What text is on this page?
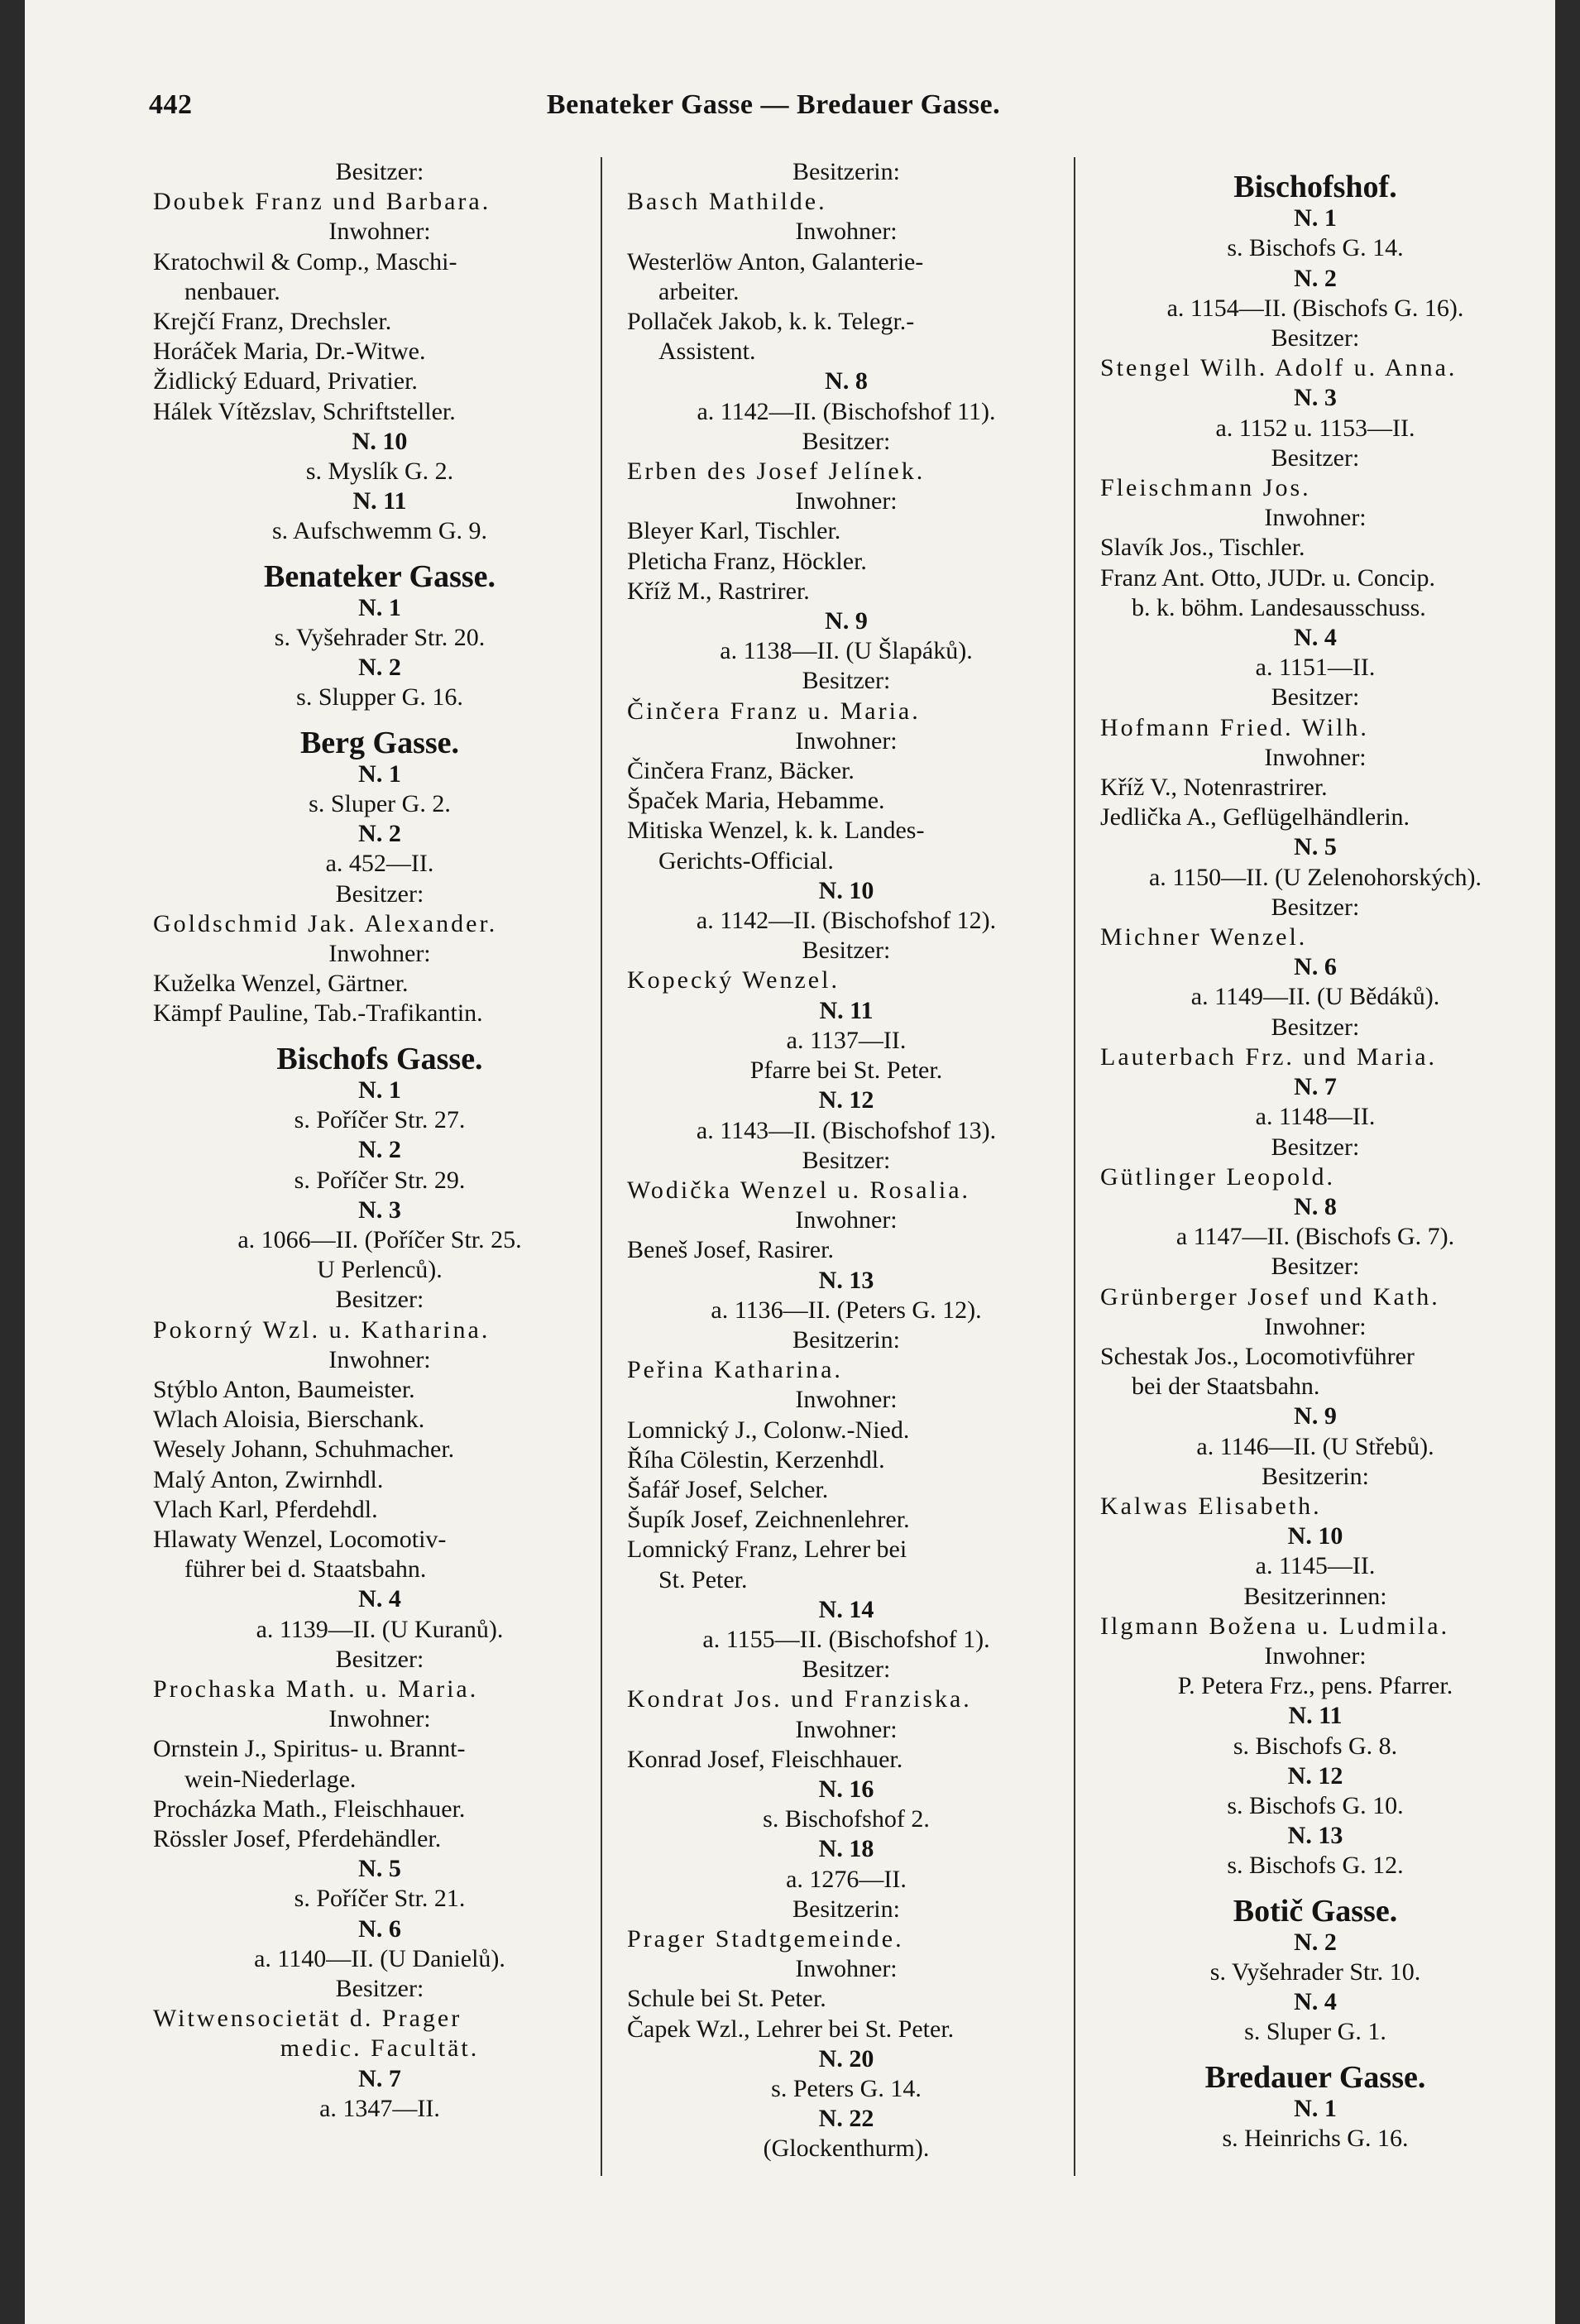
442	Benateker Gasse — Bredauer Gasse.
Besitzer:
Doubek Franz und Barbara.
Inwohner:
Kratochwil & Comp., Maschi-
nenbauer.
Krejčí Franz, Drechsler.
Horáček Maria, Dr.-Witwe.
Židlický Eduard, Privatier.
Hálek Vítězslav, Schriftsteller.
N. 10
s. Myslík G. 2.
N. 11
s. Aufschwemm G. 9.
Benateker Gasse.
N. 1
s. Vyšehrader Str. 20.
N. 2
s. Slupper G. 16.
Berg Gasse.
N. 1
s. Sluper G. 2.
N. 2
a. 452—II.
Besitzer:
Goldschmid Jak. Alexander.
Inwohner:
Kuželka Wenzel, Gärtner.
Kämpf Pauline, Tab.-Trafikantin.
Bischofs Gasse.
N. 1
s. Poříčer Str. 27.
N. 2
s. Poříčer Str. 29.
N. 3
a. 1066—II. (Poříčer Str. 25.
U Perlenců).
Besitzer:
Pokorný Wzl. u. Katharina.
Inwohner:
Stýblo Anton, Baumeister.
Wlach Aloisia, Bierschank.
Wesely Johann, Schuhmacher.
Malý Anton, Zwirnhdl.
Vlach Karl, Pferdehdl.
Hlawaty Wenzel, Locomotiv-
führer bei d. Staatsbahn.
N. 4
a. 1139—II. (U Kuranů).
Besitzer:
Prochaska Math. u. Maria.
Inwohner:
Ornstein J., Spiritus- u. Brannt-
wein-Niederlage.
Procházka Math., Fleischhauer.
Rössler Josef, Pferdehändler.
N. 5
s. Poříčer Str. 21.
N. 6
a. 1140—II. (U Danielů).
Besitzer:
Witwensocietät d. Prager
medic. Facultät.
N. 7
a. 1347—II.
Besitzerin:
Basch Mathilde.
Inwohner:
Westerlöw Anton, Galanterie-
arbeiter.
Pollaček Jakob, k. k. Telegr.-
Assistent.
N. 8
a. 1142—II. (Bischofshof 11).
Besitzer:
Erben des Josef Jelínek.
Inwohner:
Bleyer Karl, Tischler.
Pleticha Franz, Höckler.
Kříž M., Rastrirer.
N. 9
a. 1138—II. (U Šlapáků).
Besitzer:
Činčera Franz u. Maria.
Inwohner:
Činčera Franz, Bäcker.
Špaček Maria, Hebamme.
Mitiska Wenzel, k. k. Landes-
Gerichts-Official.
N. 10
a. 1142—II. (Bischofshof 12).
Besitzer:
Kopecký Wenzel.
N. 11
a. 1137—II.
Pfarre bei St. Peter.
N. 12
a. 1143—II. (Bischofshof 13).
Besitzer:
Wodička Wenzel u. Rosalia.
Inwohner:
Beneš Josef, Rasirer.
N. 13
a. 1136—II. (Peters G. 12).
Besitzerin:
Peřina Katharina.
Inwohner:
Lomnický J., Colonw.-Nied.
Říha Cölestin, Kerzenhdl.
Šafář Josef, Selcher.
Šupík Josef, Zeichnenlehrer.
Lomnický Franz, Lehrer bei
St. Peter.
N. 14
a. 1155—II. (Bischofshof 1).
Besitzer:
Kondrat Jos. und Franziska.
Inwohner:
Konrad Josef, Fleischhauer.
N. 16
s. Bischofshof 2.
N. 18
a. 1276—II.
Besitzerin:
Prager Stadtgemeinde.
Inwohner:
Schule bei St. Peter.
Čapek Wzl., Lehrer bei St. Peter.
N. 20
s. Peters G. 14.
N. 22
(Glockenthurm).
Bischofshof.
N. 1
s. Bischofs G. 14.
N. 2
a. 1154—II. (Bischofs G. 16).
Besitzer:
Stengel Wilh. Adolf u. Anna.
N. 3
a. 1152 u. 1153—II.
Besitzer:
Fleischmann Jos.
Inwohner:
Slavík Jos., Tischler.
Franz Ant. Otto, JUDr. u. Concip.
b. k. böhm. Landesausschuss.
N. 4
a. 1151—II.
Besitzer:
Hofmann Fried. Wilh.
Inwohner:
Kříž V., Notenrastrirer.
Jedlička A., Geflügelhändlerin.
N. 5
a. 1150—II. (U Zelenohorských).
Besitzer:
Michner Wenzel.
N. 6
a. 1149—II. (U Bědáků).
Besitzer:
Lauterbach Frz. und Maria.
N. 7
a. 1148—II.
Besitzer:
Gütlinger Leopold.
N. 8
a 1147—II. (Bischofs G. 7).
Besitzer:
Grünberger Josef und Kath.
Inwohner:
Schestak Jos., Locomotivführer
bei der Staatsbahn.
N. 9
a. 1146—II. (U Střebů).
Besitzerin:
Kalwas Elisabeth.
N. 10
a. 1145—II.
Besitzerinnen:
Ilgmann Božena u. Ludmila.
Inwohner:
P. Petera Frz., pens. Pfarrer.
N. 11
s. Bischofs G. 8.
N. 12
s. Bischofs G. 10.
N. 13
s. Bischofs G. 12.
Botič Gasse.
N. 2
s. Vyšehrader Str. 10.
N. 4
s. Sluper G. 1.
Bredauer Gasse.
N. 1
s. Heinrichs G. 16.
